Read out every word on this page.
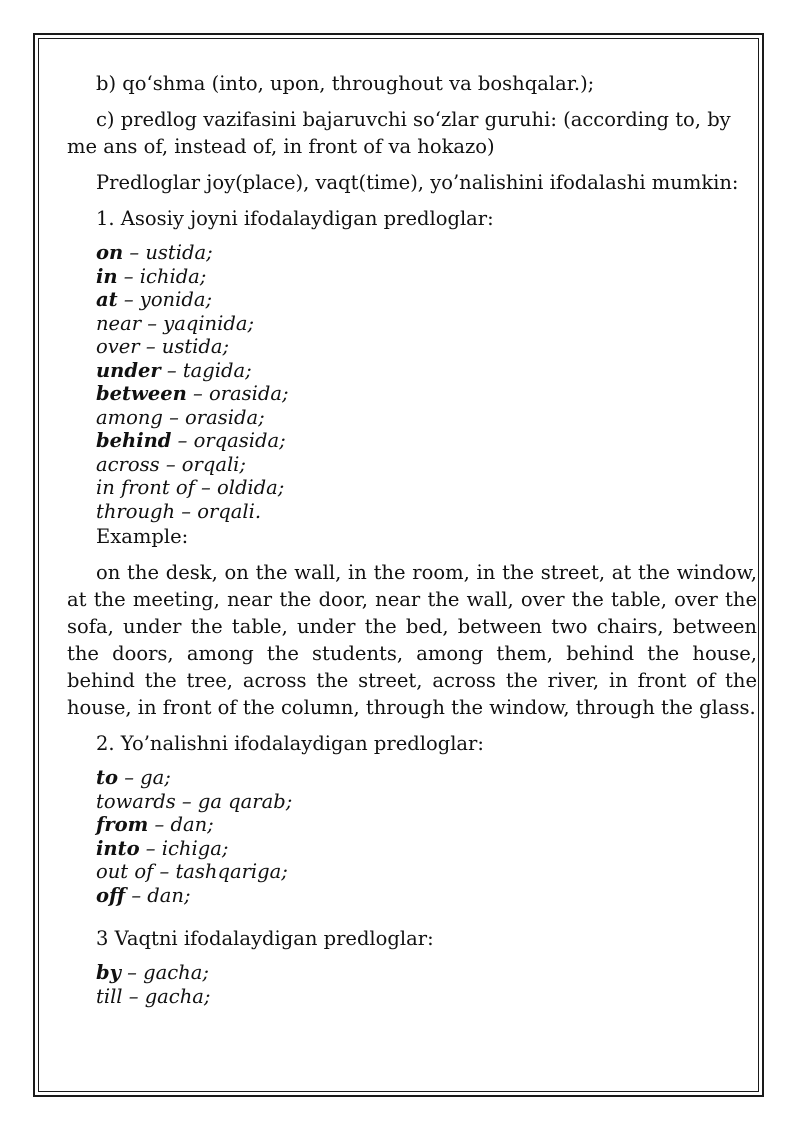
b) qo‘shma (into, upon, throughout va boshqalar.);

c) predlog vazifasini bajaruvchi so‘zlar guruhi: (according to, by me ans of, instead of, in front of va hokazo)

Predloglar joy(place), vaqt(time), yo’nalishini ifodalashi mumkin:

1. Asosiy joyni ifodalaydigan predloglar:

on – ustida;
in – ichida;
at – yonida;
near – yaqinida;
over – ustida;
under – tagida;
between – orasida;
among – orasida;
behind – orqasida;
across – orqali;
in front of – oldida;
through – orqali.
Example:

on the desk, on the wall, in the room, in the street, at the window, at the meeting, near the door, near the wall, over the table, over the sofa, under the table, under the bed, between two chairs, between the doors, among the students, among them, behind the house, behind the tree, across the street, across the river, in front of the house, in front of the column, through the window, through the glass.

2. Yo’nalishni ifodalaydigan predloglar:

to – ga;
towards – ga qarab;
from – dan;
into – ichiga;
out of – tashqariga;
off – dan;

3 Vaqtni ifodalaydigan predloglar:

by – gacha;
till – gacha;
